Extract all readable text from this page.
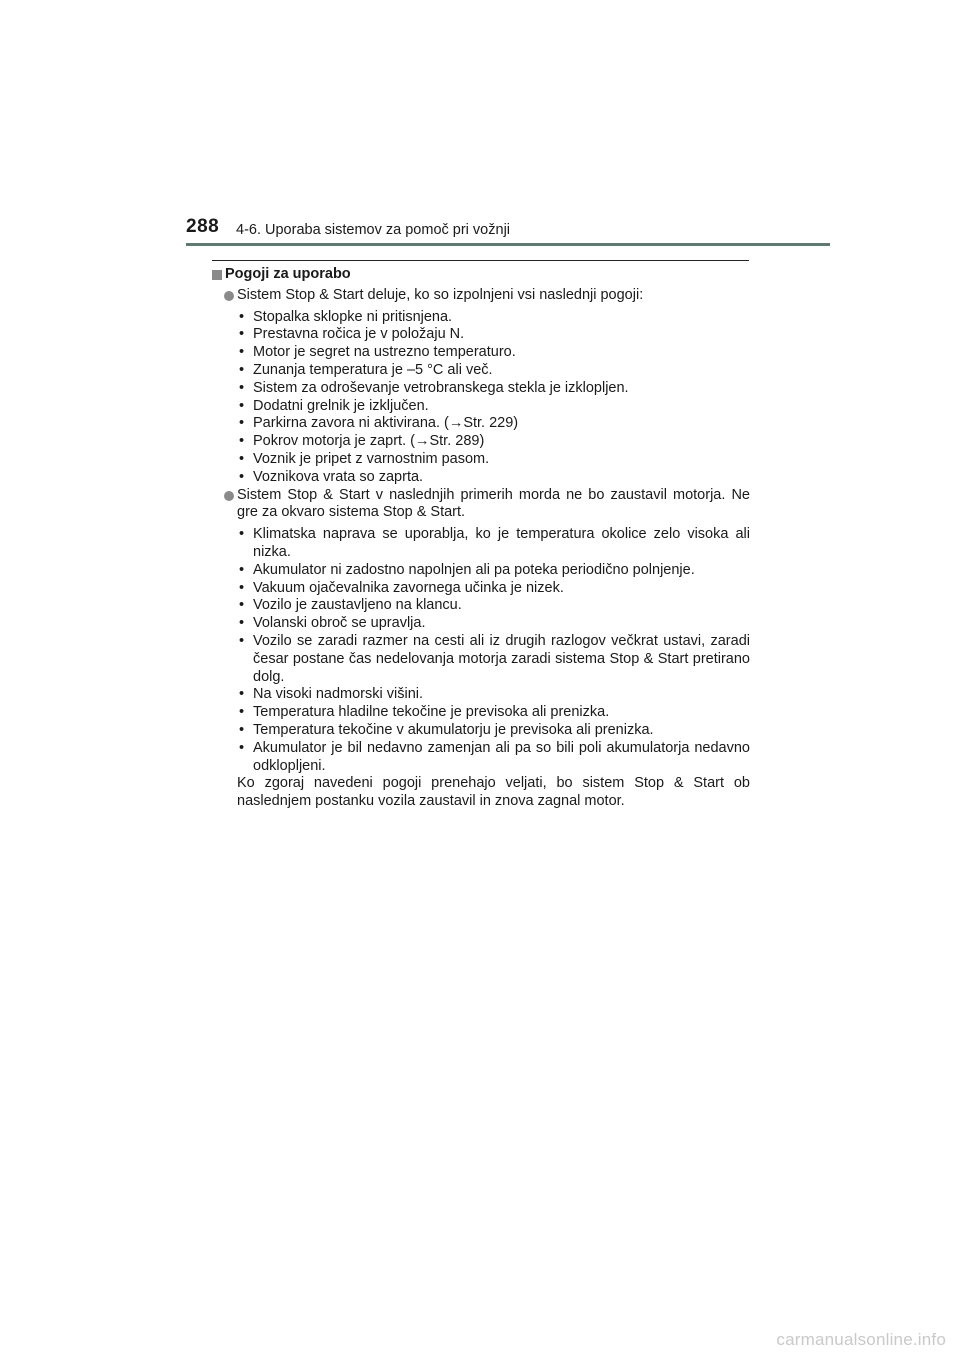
288 4-6. Uporaba sistemov za pomoč pri vožnji
Pogoji za uporabo
Sistem Stop & Start deluje, ko so izpolnjeni vsi naslednji pogoji:
• Stopalka sklopke ni pritisnjena.
• Prestavna ročica je v položaju N.
• Motor je segret na ustrezno temperaturo.
• Zunanja temperatura je –5 °C ali več.
• Sistem za odroševanje vetrobranskega stekla je izklopljen.
• Dodatni grelnik je izključen.
• Parkirna zavora ni aktivirana. (→Str. 229)
• Pokrov motorja je zaprt. (→Str. 289)
• Voznik je pripet z varnostnim pasom.
• Voznikova vrata so zaprta.
Sistem Stop & Start v naslednjih primerih morda ne bo zaustavil motorja. Ne gre za okvaro sistema Stop & Start.
• Klimatska naprava se uporablja, ko je temperatura okolice zelo visoka ali nizka.
• Akumulator ni zadostno napolnjen ali pa poteka periodično polnjenje.
• Vakuum ojačevalnika zavornega učinka je nizek.
• Vozilo je zaustavljeno na klancu.
• Volanski obroč se upravlja.
• Vozilo se zaradi razmer na cesti ali iz drugih razlogov večkrat ustavi, zaradi česar postane čas nedelovanja motorja zaradi sistema Stop & Start pretirano dolg.
• Na visoki nadmorski višini.
• Temperatura hladilne tekočine je previsoka ali prenizka.
• Temperatura tekočine v akumulatorju je previsoka ali prenizka.
• Akumulator je bil nedavno zamenjan ali pa so bili poli akumulatorja nedavno odklopljeni.
Ko zgoraj navedeni pogoji prenehajo veljati, bo sistem Stop & Start ob naslednjem postanku vozila zaustavil in znova zagnal motor.
carmanualsonline.info
